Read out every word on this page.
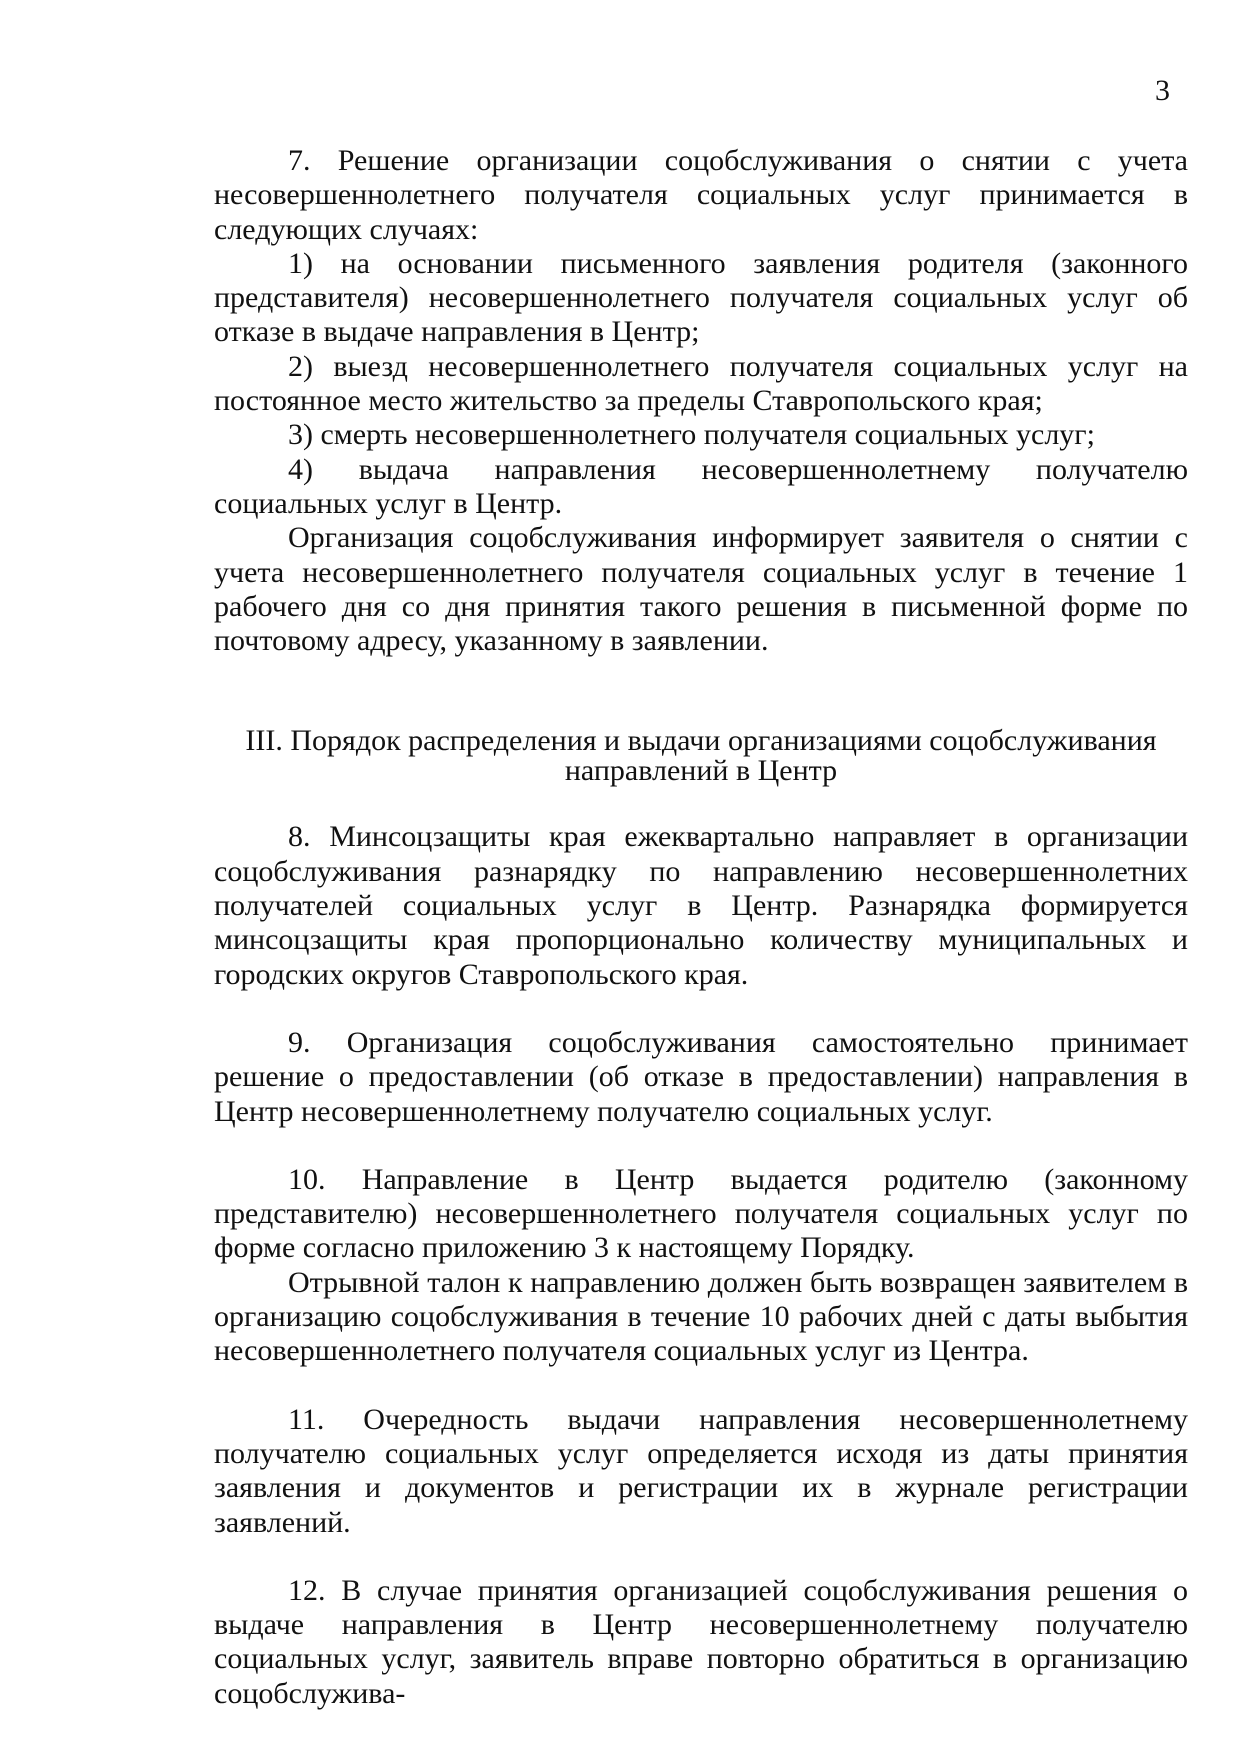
3

7. Решение организации соцобслуживания о снятии с учета несовершеннолетнего получателя социальных услуг принимается в следующих случаях:

1) на основании письменного заявления родителя (законного представителя) несовершеннолетнего получателя социальных услуг об отказе в выдаче направления в Центр;

2) выезд несовершеннолетнего получателя социальных услуг на постоянное место жительство за пределы Ставропольского края;

3) смерть несовершеннолетнего получателя социальных услуг;

4) выдача направления несовершеннолетнему получателю социальных услуг в Центр.

Организация соцобслуживания информирует заявителя о снятии с учета несовершеннолетнего получателя социальных услуг в течение 1 рабочего дня со дня принятия такого решения в письменной форме по почтовому адресу, указанному в заявлении.

III. Порядок распределения и выдачи организациями соцобслуживания
направлений в Центр

8. Минсоцзащиты края ежеквартально направляет в организации соцобслуживания разнарядку по направлению несовершеннолетних получателей социальных услуг в Центр. Разнарядка формируется минсоцзащиты края пропорционально количеству муниципальных и городских округов Ставропольского края.

9. Организация соцобслуживания самостоятельно принимает решение о предоставлении (об отказе в предоставлении) направления в Центр несовершеннолетнему получателю социальных услуг.

10. Направление в Центр выдается родителю (законному представителю) несовершеннолетнего получателя социальных услуг по форме согласно приложению 3 к настоящему Порядку.

Отрывной талон к направлению должен быть возвращен заявителем в организацию соцобслуживания в течение 10 рабочих дней с даты выбытия несовершеннолетнего получателя социальных услуг из Центра.

11. Очередность выдачи направления несовершеннолетнему получателю социальных услуг определяется исходя из даты принятия заявления и документов и регистрации их в журнале регистрации заявлений.

12. В случае принятия организацией соцобслуживания решения о выдаче направления в Центр несовершеннолетнему получателю социальных услуг, заявитель вправе повторно обратиться в организацию соцобслужива-
